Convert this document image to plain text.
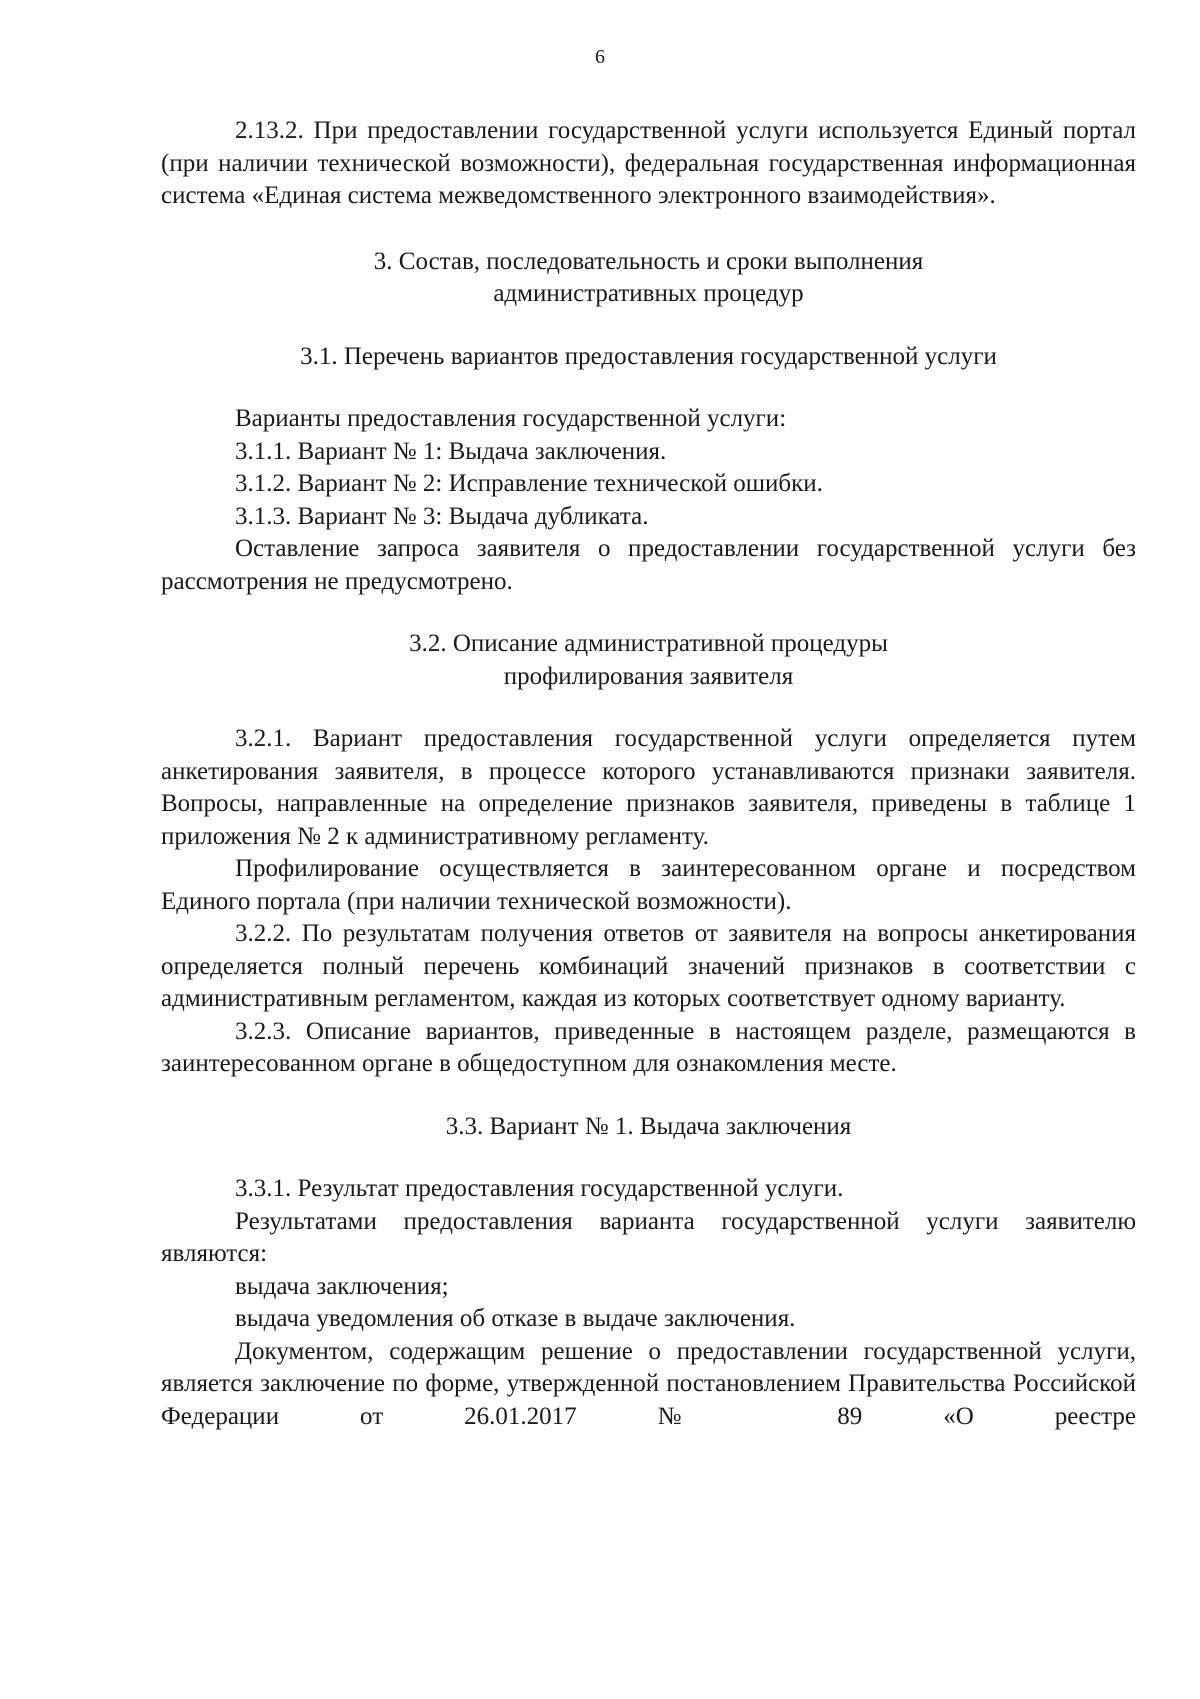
6

2.13.2. При предоставлении государственной услуги используется Единый портал (при наличии технической возможности), федеральная государственная информационная система «Единая система межведомственного электронного взаимодействия».

3. Состав, последовательность и сроки выполнения
административных процедур
3.1. Перечень вариантов предоставления государственной услуги

Варианты предоставления государственной услуги:

3.1.1. Вариант № 1: Выдача заключения.

3.1.2. Вариант № 2: Исправление технической ошибки.

3.1.3. Вариант № 3: Выдача дубликата.

Оставление запроса заявителя о предоставлении государственной услуги без рассмотрения не предусмотрено.

3.2. Описание административной процедуры
профилирования заявителя

3.2.1. Вариант предоставления государственной услуги определяется путем анкетирования заявителя, в процессе которого устанавливаются признаки заявителя. Вопросы, направленные на определение признаков заявителя, приведены в таблице 1 приложения № 2 к административному регламенту.

Профилирование осуществляется в заинтересованном органе и посредством Единого портала (при наличии технической возможности).

3.2.2. По результатам получения ответов от заявителя на вопросы анкетирования определяется полный перечень комбинаций значений признаков в соответствии с административным регламентом, каждая из которых соответствует одному варианту.

3.2.3. Описание вариантов, приведенные в настоящем разделе, размещаются в заинтересованном органе в общедоступном для ознакомления месте.

3.3. Вариант № 1. Выдача заключения

3.3.1. Результат предоставления государственной услуги.

Результатами предоставления варианта государственной услуги заявителю являются:

выдача заключения;

выдача уведомления об отказе в выдаче заключения.

Документом, содержащим решение о предоставлении государственной услуги, является заключение по форме, утвержденной постановлением Правительства Российской Федерации от 26.01.2017 № 89 «О реестре
